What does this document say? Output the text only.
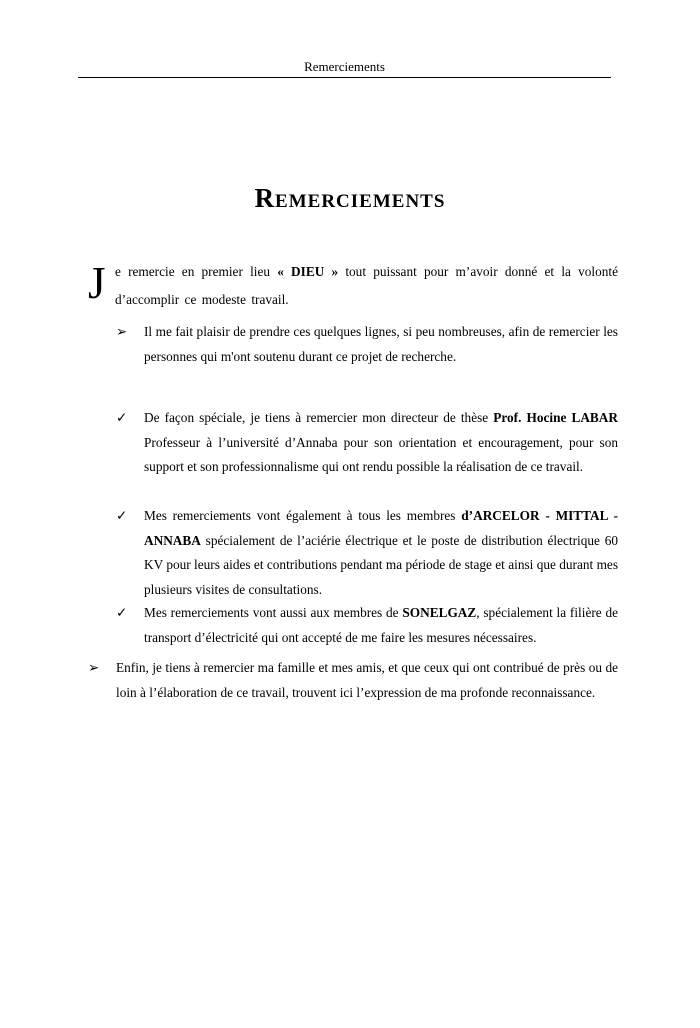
Remerciements
Remerciements
J e remercie en premier lieu « DIEU » tout puissant pour m’avoir donné et la volonté d’accomplir ce modeste travail.
➢ Il me fait plaisir de prendre ces quelques lignes, si peu nombreuses, afin de remercier les personnes qui m'ont soutenu durant ce projet de recherche.
✓ De façon spéciale, je tiens à remercier mon directeur de thèse Prof. Hocine LABAR Professeur à l’université d’Annaba pour son orientation et encouragement, pour son support et son professionnalisme qui ont rendu possible la réalisation de ce travail.
✓ Mes remerciements vont également à tous les membres d’ARCELOR - MITTAL - ANNABA spécialement de l’aciérie électrique et le poste de distribution électrique 60 KV pour leurs aides et contributions pendant ma période de stage et ainsi que durant mes plusieurs visites de consultations.
✓ Mes remerciements vont aussi aux membres de SONELGAZ, spécialement la filière de transport d’électricité qui ont accepté de me faire les mesures nécessaires.
➢ Enfin, je tiens à remercier ma famille et mes amis, et que ceux qui ont contribué de près ou de loin à l’élaboration de ce travail, trouvent ici l’expression de ma profonde reconnaissance.
